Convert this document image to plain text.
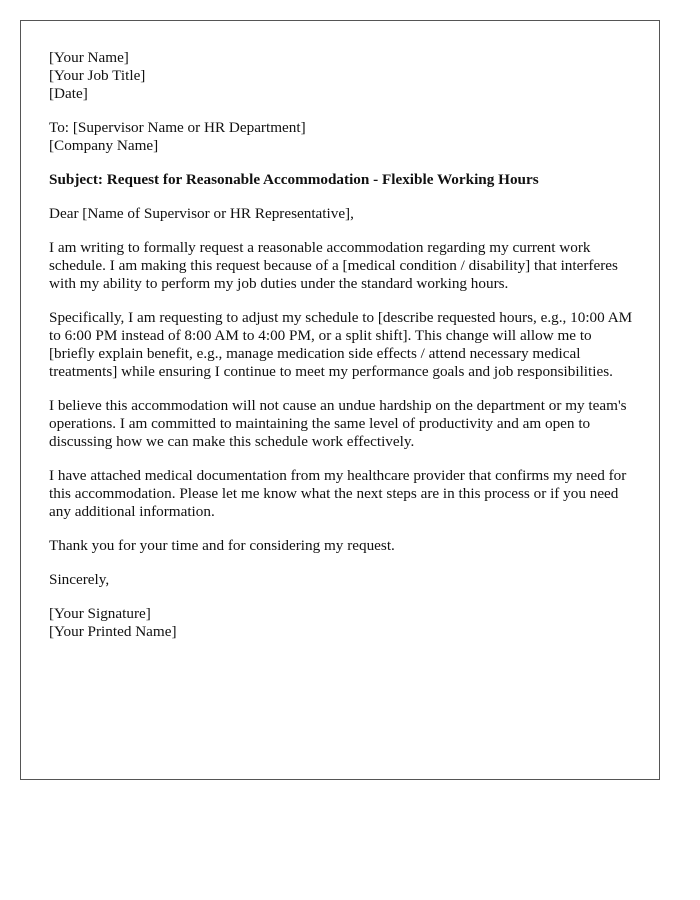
[Your Name]
[Your Job Title]
[Date]
To: [Supervisor Name or HR Department]
[Company Name]
Subject: Request for Reasonable Accommodation - Flexible Working Hours
Dear [Name of Supervisor or HR Representative],
I am writing to formally request a reasonable accommodation regarding my current work schedule. I am making this request because of a [medical condition / disability] that interferes with my ability to perform my job duties under the standard working hours.
Specifically, I am requesting to adjust my schedule to [describe requested hours, e.g., 10:00 AM to 6:00 PM instead of 8:00 AM to 4:00 PM, or a split shift]. This change will allow me to [briefly explain benefit, e.g., manage medication side effects / attend necessary medical treatments] while ensuring I continue to meet my performance goals and job responsibilities.
I believe this accommodation will not cause an undue hardship on the department or my team's operations. I am committed to maintaining the same level of productivity and am open to discussing how we can make this schedule work effectively.
I have attached medical documentation from my healthcare provider that confirms my need for this accommodation. Please let me know what the next steps are in this process or if you need any additional information.
Thank you for your time and for considering my request.
Sincerely,
[Your Signature]
[Your Printed Name]
